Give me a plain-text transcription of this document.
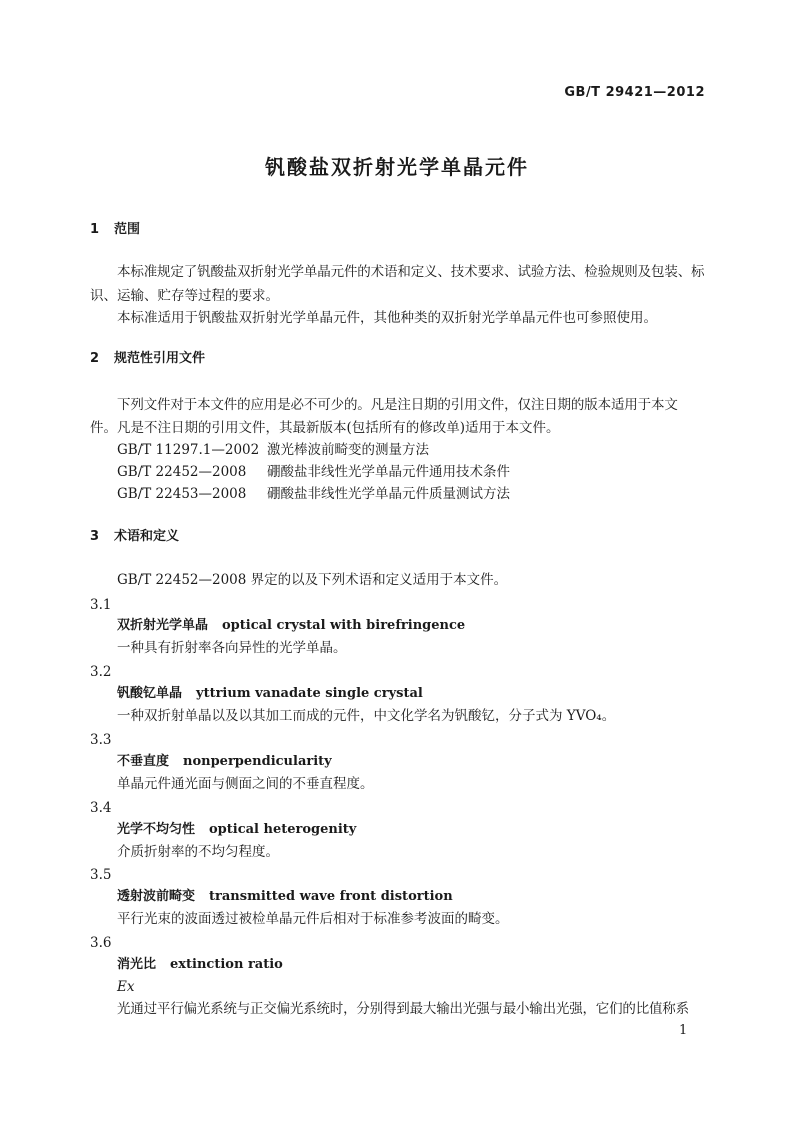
GB/T 29421—2012
钒酸盐双折射光学单晶元件
1 范围
本标准规定了钒酸盐双折射光学单晶元件的术语和定义、技术要求、试验方法、检验规则及包装、标
识、运输、贮存等过程的要求。
本标准适用于钒酸盐双折射光学单晶元件，其他种类的双折射光学单晶元件也可参照使用。
2 规范性引用文件
下列文件对于本文件的应用是必不可少的。凡是注日期的引用文件，仅注日期的版本适用于本文
件。凡是不注日期的引用文件，其最新版本(包括所有的修改单)适用于本文件。
GB/T 11297.1—2002 激光棒波前畸变的测量方法
GB/T 22452—2008 硼酸盐非线性光学单晶元件通用技术条件
GB/T 22453—2008 硼酸盐非线性光学单晶元件质量测试方法
3 术语和定义
GB/T 22452—2008 界定的以及下列术语和定义适用于本文件。
3.1
双折射光学单晶 optical crystal with birefringence
一种具有折射率各向异性的光学单晶。
3.2
钒酸钇单晶 yttrium vanadate single crystal
一种双折射单晶以及以其加工而成的元件，中文化学名为钒酸钇，分子式为 YVO₄。
3.3
不垂直度 nonperpendicularity
单晶元件通光面与侧面之间的不垂直程度。
3.4
光学不均匀性 optical heterogenity
介质折射率的不均匀程度。
3.5
透射波前畸变 transmitted wave front distortion
平行光束的波面透过被检单晶元件后相对于标准参考波面的畸变。
3.6
消光比 extinction ratio
Ex
光通过平行偏光系统与正交偏光系统时，分别得到最大输出光强与最小输出光强，它们的比值称系
1
